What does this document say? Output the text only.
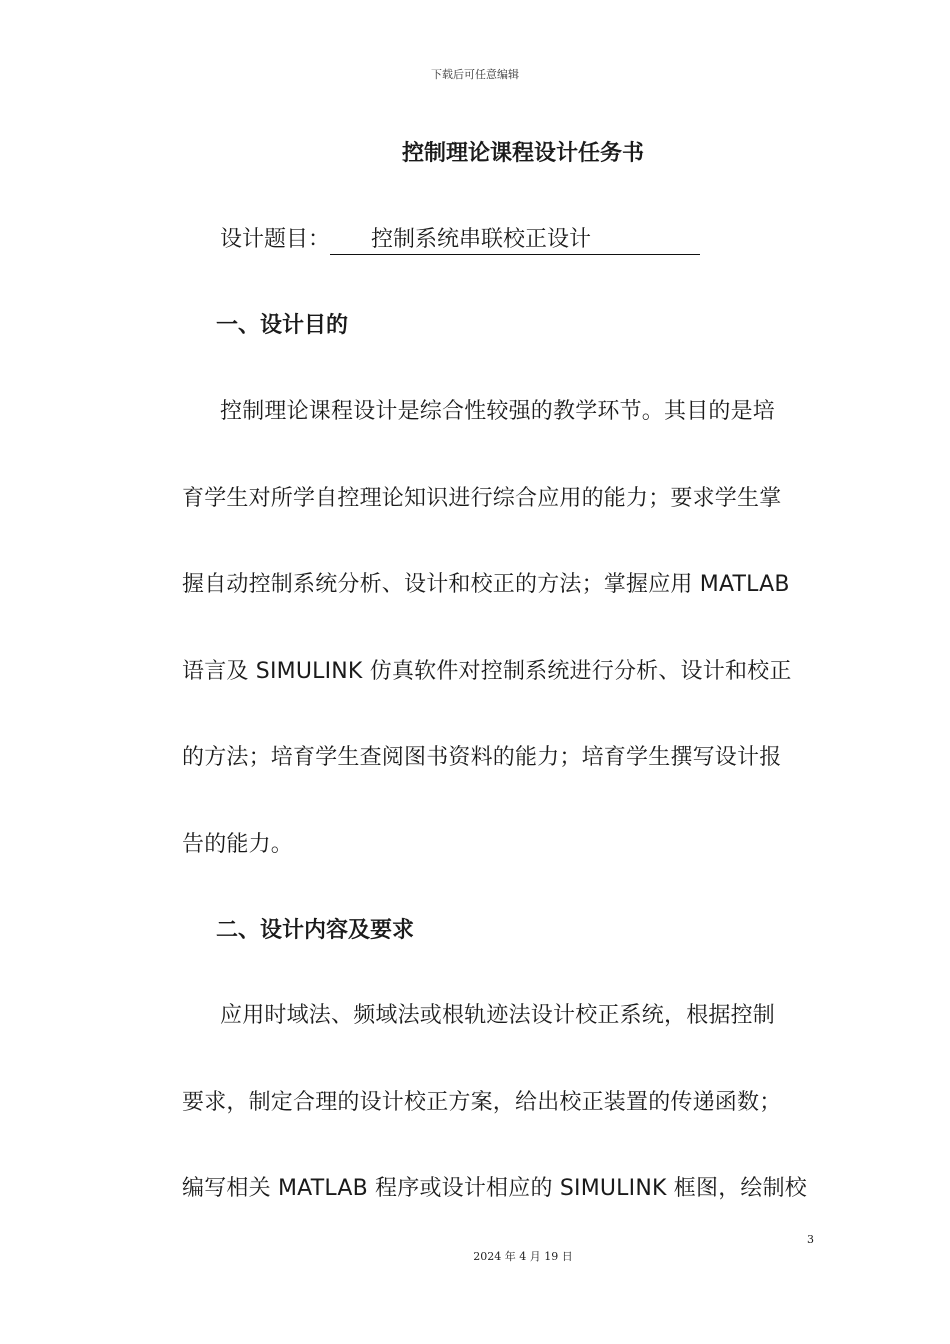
下载后可任意编辑
控制理论课程设计任务书
设计题目： 控制系统串联校正设计
一、设计目的
控制理论课程设计是综合性较强的教学环节。其目的是培
育学生对所学自控理论知识进行综合应用的能力；要求学生掌
握自动控制系统分析、设计和校正的方法；掌握应用 MATLAB
语言及 SIMULINK 仿真软件对控制系统进行分析、设计和校正
的方法；培育学生查阅图书资料的能力；培育学生撰写设计报
告的能力。
二、设计内容及要求
应用时域法、频域法或根轨迹法设计校正系统，根据控制
要求，制定合理的设计校正方案，给出校正装置的传递函数；
编写相关 MATLAB 程序或设计相应的 SIMULINK 框图，绘制校
3
2024 年 4 月 19 日
